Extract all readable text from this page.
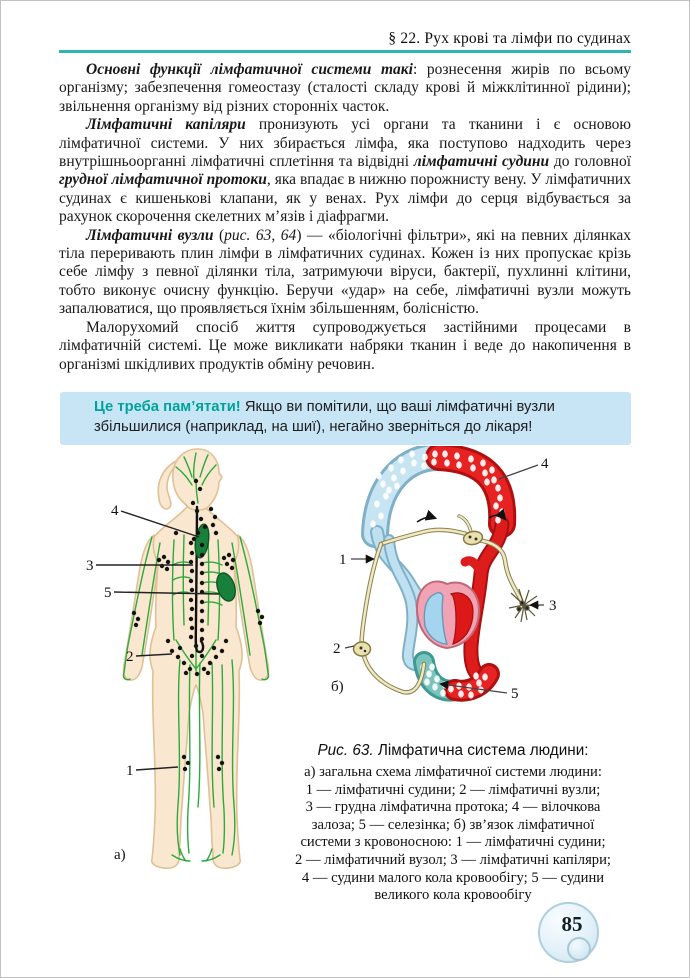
§ 22. Рух крові та лімфи по судинах
Основні функції лімфатичної системи такі: рознесення жирів по всьому організму; забезпечення гомеостазу (сталості складу крові й міжклітинної рідини); звільнення організму від різних сторонніх часток.
Лімфатичні капіляри пронизують усі органи та тканини і є основою лімфатичної системи. У них збирається лімфа, яка поступово надходить через внутрішньоорганні лімфатичні сплетіння та відвідні лімфатичні судини до головної грудної лімфатичної протоки, яка впадає в нижню порожнисту вену. У лімфатичних судинах є кишенькові клапани, як у венах. Рух лімфи до серця відбувається за рахунок скорочення скелетних м’язів і діафрагми.
Лімфатичні вузли (рис. 63, 64) — «біологічні фільтри», які на певних ділянках тіла переривають плин лімфи в лімфатичних судинах. Кожен із них пропускає крізь себе лімфу з певної ділянки тіла, затримуючи віруси, бактерії, пухлинні клітини, тобто виконує очисну функцію. Беручи «удар» на себе, лімфатичні вузли можуть запалюватися, що проявляється їхнім збільшенням, болісністю.
Малорухомий спосіб життя супроводжується застійними процесами в лімфатичній системі. Це може викликати набряки тканин і веде до накопичення в організмі шкідливих продуктів обміну речовин.
Це треба пам’ятати! Якщо ви помітили, що ваші лімфатичні вузли збільшилися (наприклад, на шиї), негайно зверніться до лікаря!
4
3
5
2
1
а)
4
1
3
2
5
б)
Рис. 63. Лімфатична система людини:
а) загальна схема лімфатичної системи людини:
1 — лімфатичні судини; 2 — лімфатичні вузли;
3 — грудна лімфатична протока; 4 — вілочкова
залоза; 5 — селезінка; б) зв’язок лімфатичної
системи з кровоносною: 1 — лімфатичні судини;
2 — лімфатичний вузол; 3 — лімфатичні капіляри;
4 — судини малого кола кровообігу; 5 — судини
великого кола кровообігу
85
